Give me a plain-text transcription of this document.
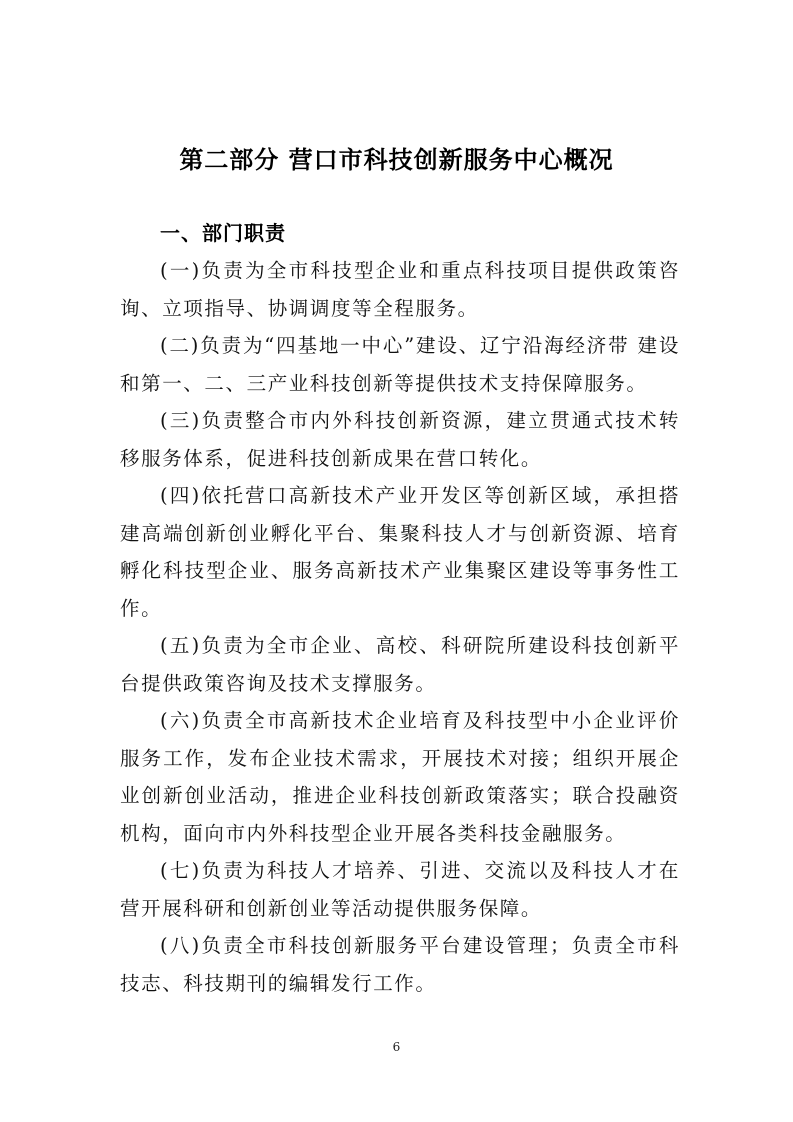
第二部分 营口市科技创新服务中心概况
一、部门职责

(一)负责为全市科技型企业和重点科技项目提供政策咨询、立项指导、协调调度等全程服务。

(二)负责为“四基地一中心”建设、辽宁沿海经济带 建设和第一、二、三产业科技创新等提供技术支持保障服务。

(三)负责整合市内外科技创新资源，建立贯通式技术转移服务体系，促进科技创新成果在营口转化。

(四)依托营口高新技术产业开发区等创新区域，承担搭建高端创新创业孵化平台、集聚科技人才与创新资源、培育孵化科技型企业、服务高新技术产业集聚区建设等事务性工作。

(五)负责为全市企业、高校、科研院所建设科技创新平台提供政策咨询及技术支撑服务。

(六)负责全市高新技术企业培育及科技型中小企业评价服务工作，发布企业技术需求，开展技术对接；组织开展企业创新创业活动，推进企业科技创新政策落实；联合投融资机构，面向市内外科技型企业开展各类科技金融服务。

(七)负责为科技人才培养、引进、交流以及科技人才在营开展科研和创新创业等活动提供服务保障。

(八)负责全市科技创新服务平台建设管理；负责全市科技志、科技期刊的编辑发行工作。

6
